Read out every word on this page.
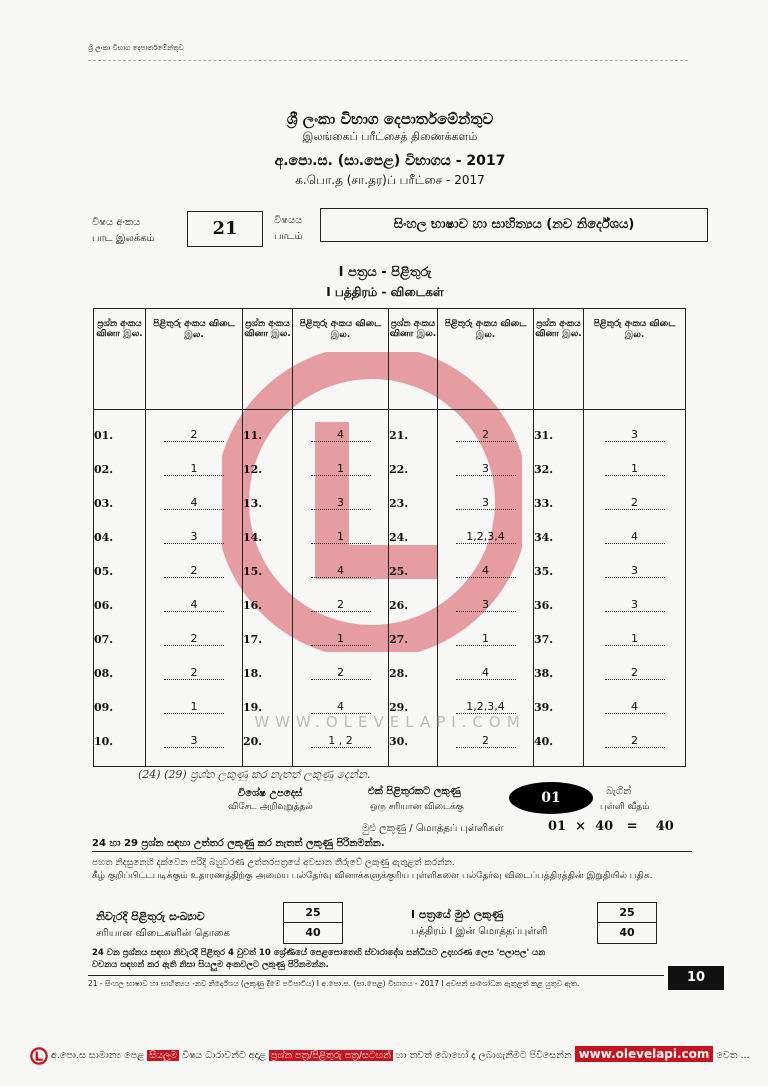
ශ්‍රී ලංකා විභාග දෙපාර්තමේන්තුව
ශ්‍රී ලංකා විභාග දෙපාර්තමේන්තුව
இலங்கைப் பரீட்சைத் திணைக்களம்
අ.පො.ස. (සා.පෙළ) විභාගය - 2017
க.பொ.த (சா.தர)ப் பரீட்சை - 2017
විෂය අංකය
பாட இலக்கம்	21	විෂයය
பாடம்
සිංහල භාෂාව හා සාහිත්‍යය (නව නිර්දේශය)
I පත්‍රය - පිළිතුරු
I பத்திரம் - விடைகள்
ප්‍රශ්න අංකය வினா இல.	පිළිතුරු අංකය விடை இல.	ප්‍රශ්න අංකය வினா இல.	පිළිතුරු අංකය விடை இல.	ප්‍රශ්න අංකය வினா இல.	පිළිතුරු අංකය விடை இல.	ප්‍රශ්න අංකය வினா இல.	පිළිතුරු අංකය விடை இல.

01.	2	11.	4	21.	2	31.	3
02.	1	12.	1	22.	3	32.	1
03.	4	13.	3	23.	3	33.	2
04.	3	14.	1	24.	1,2,3,4	34.	4
05.	2	15.	4	25.	4	35.	3
06.	4	16.	2	26.	3	36.	3
07.	2	17.	1	27.	1	37.	1
08.	2	18.	2	28.	4	38.	2
09.	1	19.	4	29.	1,2,3,4	39.	4
10.	3	20.	1 , 2	30.	2	40.	2

WWW.OLEVELAPI.COM
(24) (29) ප්‍රශ්න ලකුණු කර නැතත් ලකුණු දෙන්න.
විශේෂ උපදෙස්
விசேட அறிவுறுத்தல்
එක් පිළිතුරකට ලකුණු
ஒரு சரியான விடைக்கு
01	බැගින්
புள்ளி வீதம்
මුළු ලකුණු / மொத்தப் புள்ளிகள்	01  ×  40   =    40
24 හා 29 ප්‍රශ්න සඳහා උත්තර ලකුණු කර නැතත් ලකුණු පිරිනමන්න.
පහත නිදසුනෙහි දක්වෙන පරිදි බහුවරණ උත්තරපත්‍රයේ අවසාන තීරුවේ ලකුණු ඇතුළත් කරන්න.
கீழ் குறிப்பிட்டபடிக்கும் உதாரணத்திற்கு அமைய பல்தேர்வு வினாக்களுக்குரிய புள்ளிகளை பல்தேர்வு விடைப்பத்திரத்தின் இறுதியில் பதிக.
නිවැරදි පිළිතුරු සංඛ්‍යාව
சரியான விடைகளின் தொகை
25
40
I පත්‍රයේ මුළු ලකුණු
பத்திரம் I இன் மொத்தப்புள்ளி
25
40
24 වන ප්‍රශ්නය සඳහා නිවැරදි පිළිතුර 4 වුවත් 10 ශ්‍රේණියේ පෙළපොතෙහි ස්වාරාදේශ සන්ධියට උදාහරණ ලෙස 'පලාපල' යන
වචනය සඳහන් කර ඇති නිසා සියලුම අංකවලට ලකුණු පිරිනමන්න.
21 - සිංහල භාෂාව හා සාහිත්‍යය -නව නිර්දේශය (ලකුණු දීමේ පටිපාටිය) I අ.පො.ස. (සා.පෙළ) විභාගය - 2017 I අවසන් සංශෝධන ඇතුළත් කළ යුතුව ඇත.	10
අ.පො.ස සාමාන්‍ය පෙළ සියලුම විෂය ධාරාවන්ට අදාළ ප්‍රශ්න පත්‍ර/පිළිතුරු පත්‍ර/සටහන් හා තවත් බොහෝ දෑ ලබාගැනීමට පිවිසෙන්න www.olevelapi.com වෙත ...
